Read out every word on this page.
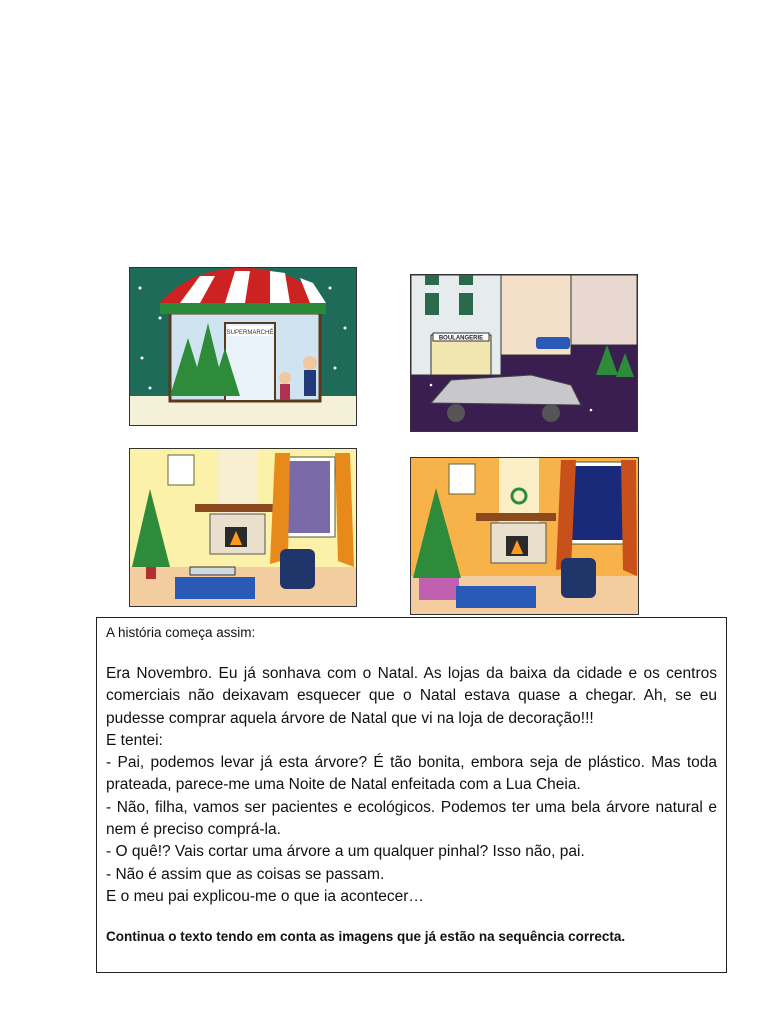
SUPERMARCHÉ
BOULANGERIE

A história começa assim:

Era Novembro. Eu já sonhava com o Natal. As lojas da baixa da cidade e os centros comerciais não deixavam esquecer que o Natal estava quase a chegar. Ah, se eu pudesse comprar aquela árvore de Natal que vi na loja de decoração!!!
E tentei:
- Pai, podemos levar já esta árvore? É tão bonita, embora seja de plástico. Mas toda prateada, parece-me uma Noite de Natal enfeitada com a Lua Cheia.
- Não, filha, vamos ser pacientes e ecológicos. Podemos ter uma bela árvore natural e nem é preciso comprá-la.
- O quê!? Vais cortar uma árvore a um qualquer pinhal? Isso não, pai.
- Não é assim que as coisas se passam.
E o meu pai explicou-me o que ia acontecer…

Continua o texto tendo em conta as imagens que já estão na sequência correcta.
